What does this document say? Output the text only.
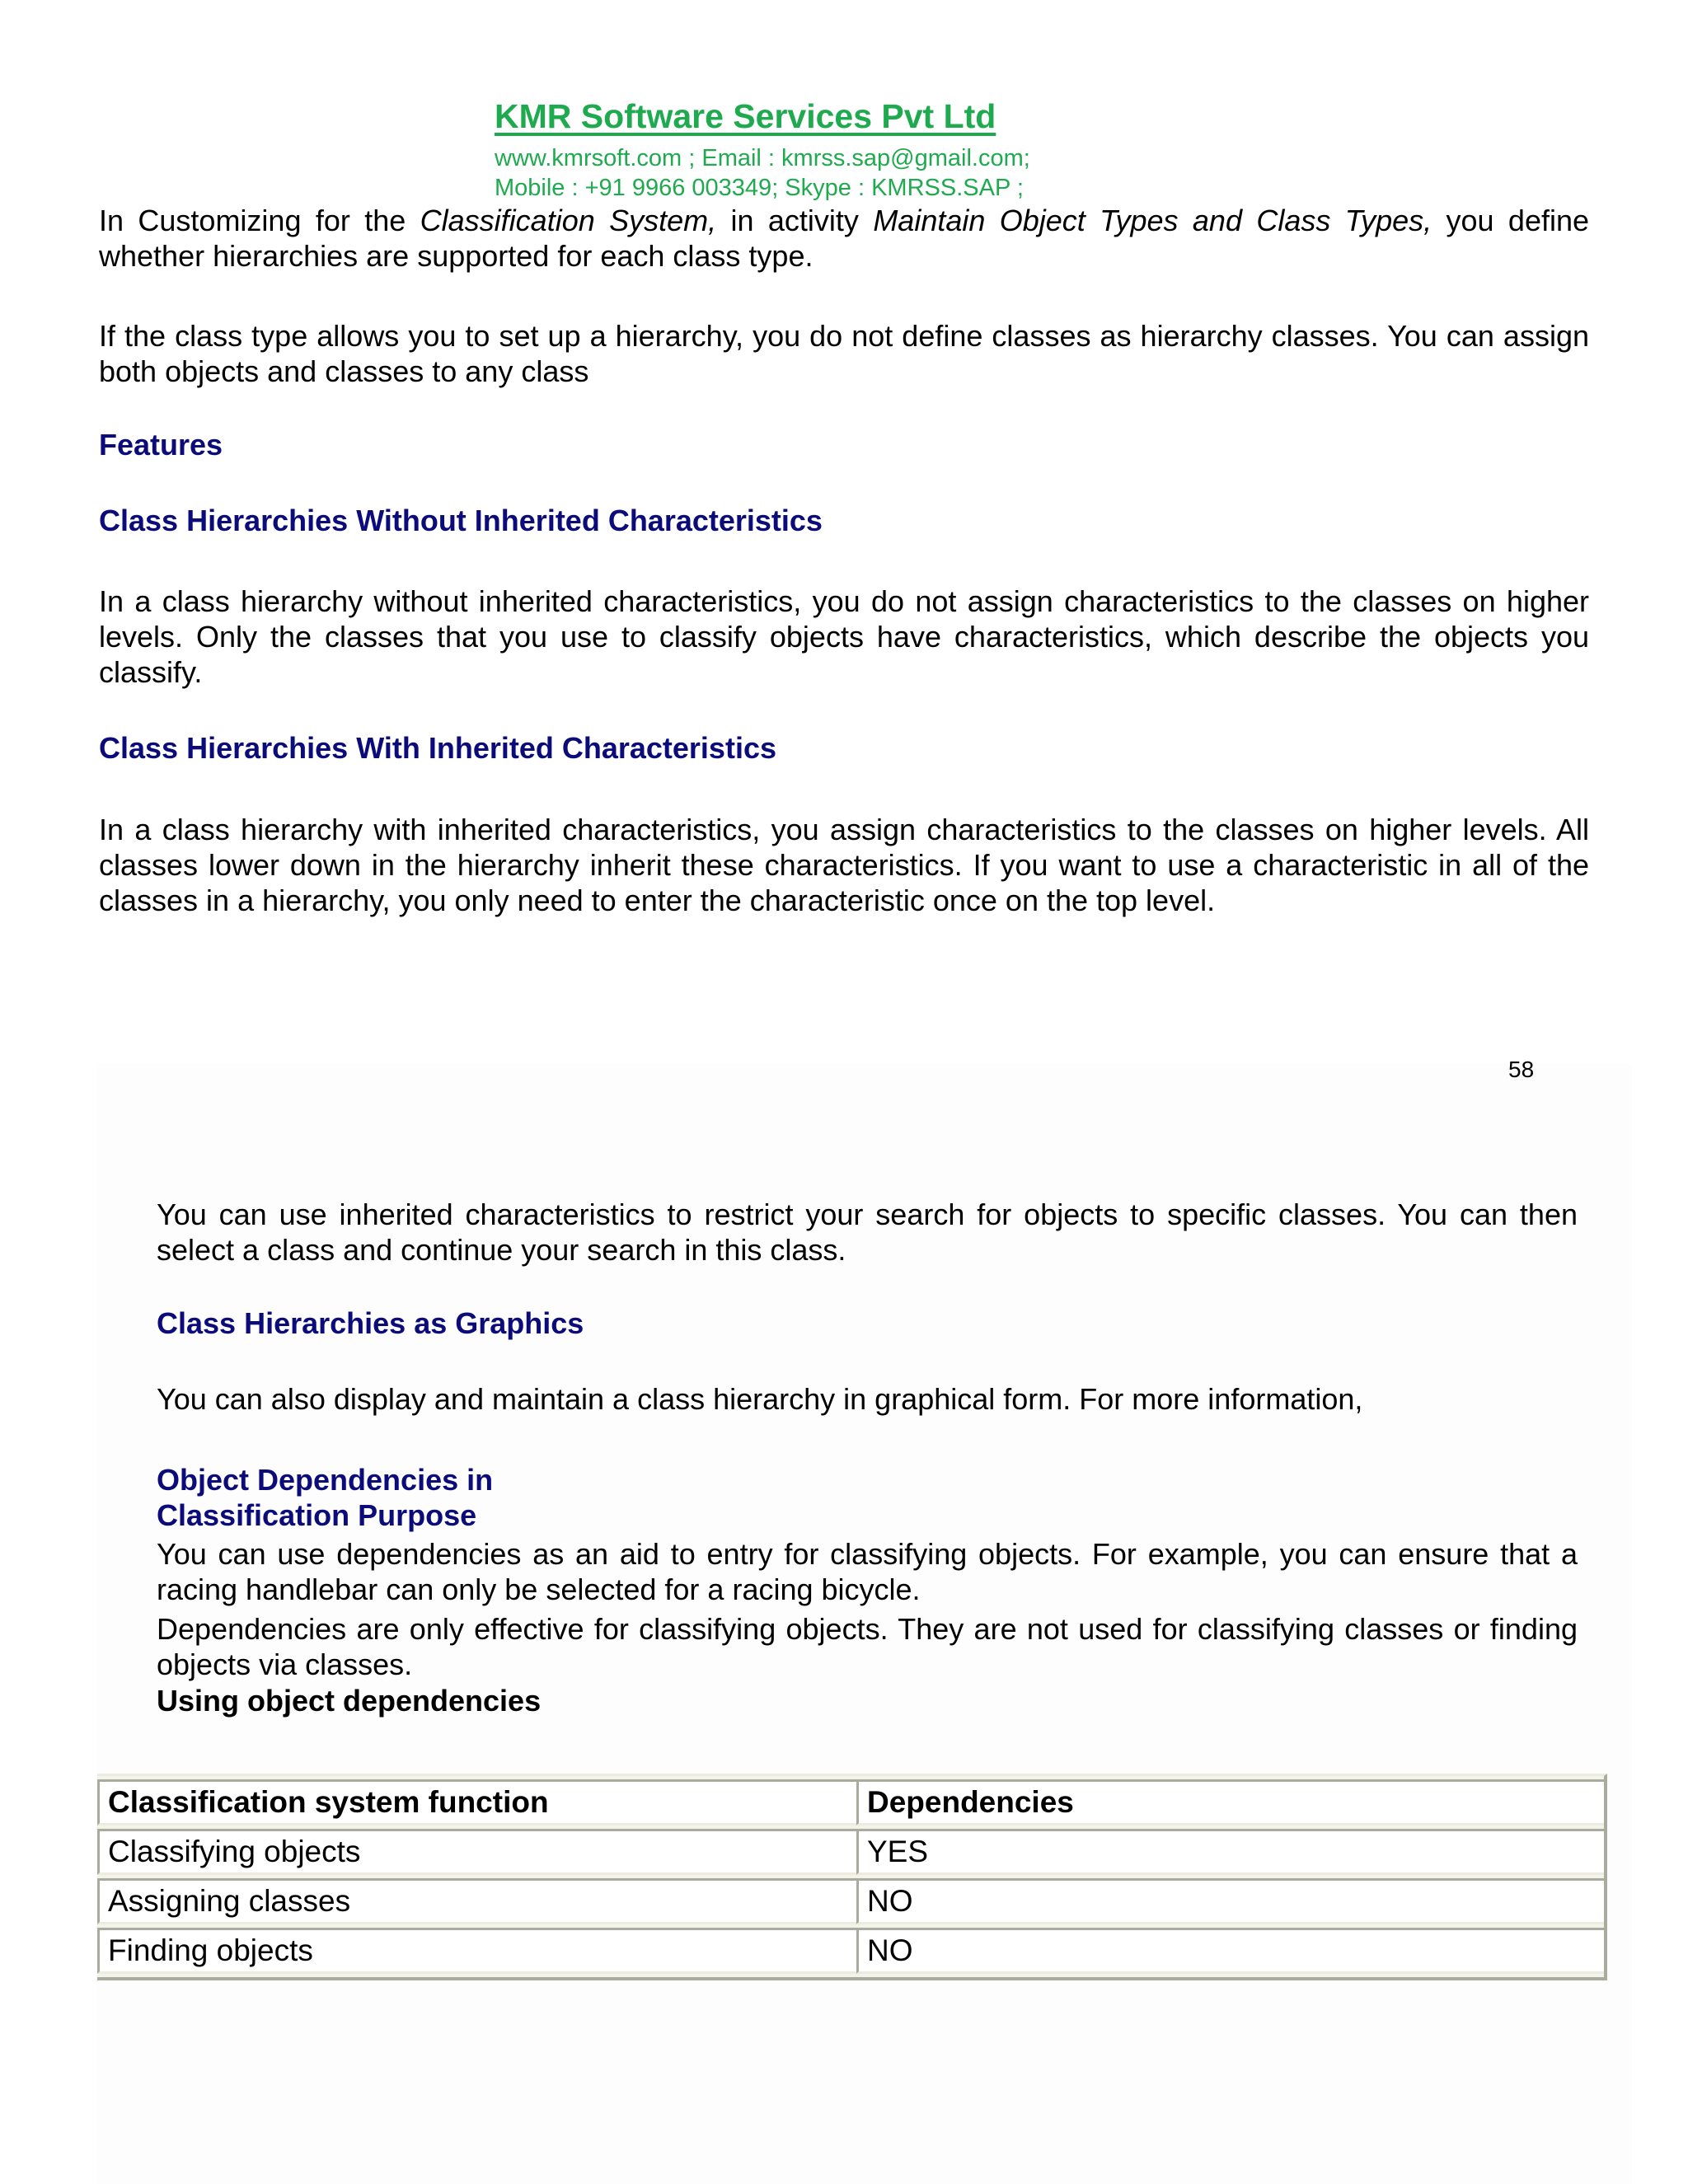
KMR Software Services Pvt Ltd

www.kmrsoft.com ; Email : kmrss.sap@gmail.com;

Mobile : +91 9966 003349; Skype : KMRSS.SAP ;

In Customizing for the Classification System, in activity Maintain Object Types and Class Types, you define whether hierarchies are supported for each class type.

If the class type allows you to set up a hierarchy, you do not define classes as hierarchy classes. You can assign both objects and classes to any class

Features

Class Hierarchies Without Inherited Characteristics

In a class hierarchy without inherited characteristics, you do not assign characteristics to the classes on higher levels. Only the classes that you use to classify objects have characteristics, which describe the objects you classify.

Class Hierarchies With Inherited Characteristics

In a class hierarchy with inherited characteristics, you assign characteristics to the classes on higher levels. All classes lower down in the hierarchy inherit these characteristics. If you want to use a characteristic in all of the classes in a hierarchy, you only need to enter the characteristic once on the top level.

58

You can use inherited characteristics to restrict your search for objects to specific classes. You can then select a class and continue your search in this class.

Class Hierarchies as Graphics

You can also display and maintain a class hierarchy in graphical form. For more information,

Object Dependencies in
Classification Purpose

You can use dependencies as an aid to entry for classifying objects. For example, you can ensure that a racing handlebar can only be selected for a racing bicycle.

Dependencies are only effective for classifying objects. They are not used for classifying classes or finding objects via classes.

Using object dependencies

Classification system function	Dependencies
Classifying objects	YES
Assigning classes	NO
Finding objects	NO
